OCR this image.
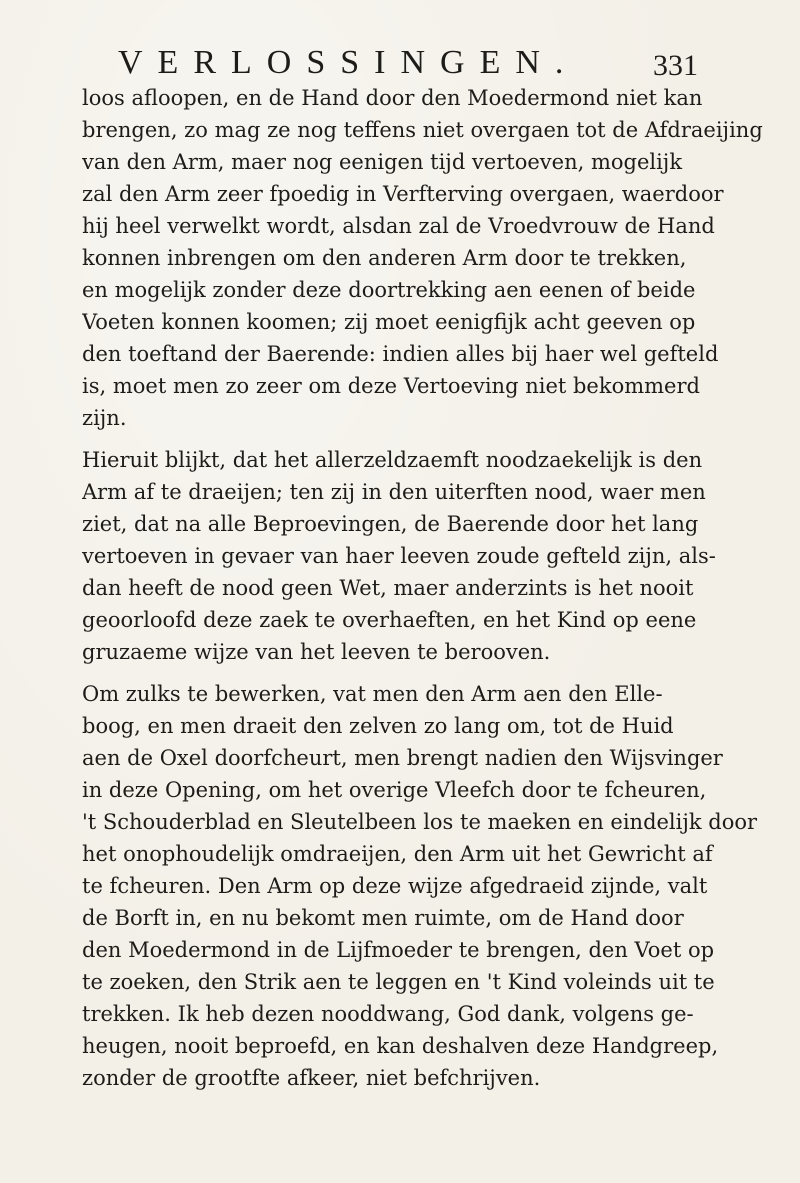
VERLOSSINGEN. 331
loos afloopen, en de Hand door den Moedermond niet kan
brengen, zo mag ze nog teffens niet overgaen tot de Afdraeijing
van den Arm, maer nog eenigen tijd vertoeven, mogelijk
zal den Arm zeer fpoedig in Verfterving overgaen, waerdoor
hij heel verwelkt wordt, alsdan zal de Vroedvrouw de Hand
konnen inbrengen om den anderen Arm door te trekken,
en mogelijk zonder deze doortrekking aen eenen of beide
Voeten konnen koomen; zij moet eenigfijk acht geeven op
den toeftand der Baerende: indien alles bij haer wel gefteld
is, moet men zo zeer om deze Vertoeving niet bekommerd
zijn.
Hieruit blijkt, dat het allerzeldzaemft noodzaekelijk is den
Arm af te draeijen; ten zij in den uiterften nood, waer men
ziet, dat na alle Beproevingen, de Baerende door het lang
vertoeven in gevaer van haer leeven zoude gefteld zijn, als-
dan heeft de nood geen Wet, maer anderzints is het nooit
geoorloofd deze zaek te overhaeften, en het Kind op eene
gruzaeme wijze van het leeven te berooven.
Om zulks te bewerken, vat men den Arm aen den Elle-
boog, en men draeit den zelven zo lang om, tot de Huid
aen de Oxel doorfcheurt, men brengt nadien den Wijsvinger
in deze Opening, om het overige Vleefch door te fcheuren,
't Schouderblad en Sleutelbeen los te maeken en eindelijk door
het onophoudelijk omdraeijen, den Arm uit het Gewricht af
te fcheuren. Den Arm op deze wijze afgedraeid zijnde, valt
de Borft in, en nu bekomt men ruimte, om de Hand door
den Moedermond in de Lijfmoeder te brengen, den Voet op
te zoeken, den Strik aen te leggen en 't Kind voleinds uit te
trekken. Ik heb dezen nooddwang, God dank, volgens ge-
heugen, nooit beproefd, en kan deshalven deze Handgreep,
zonder de grootfte afkeer, niet befchrijven.
